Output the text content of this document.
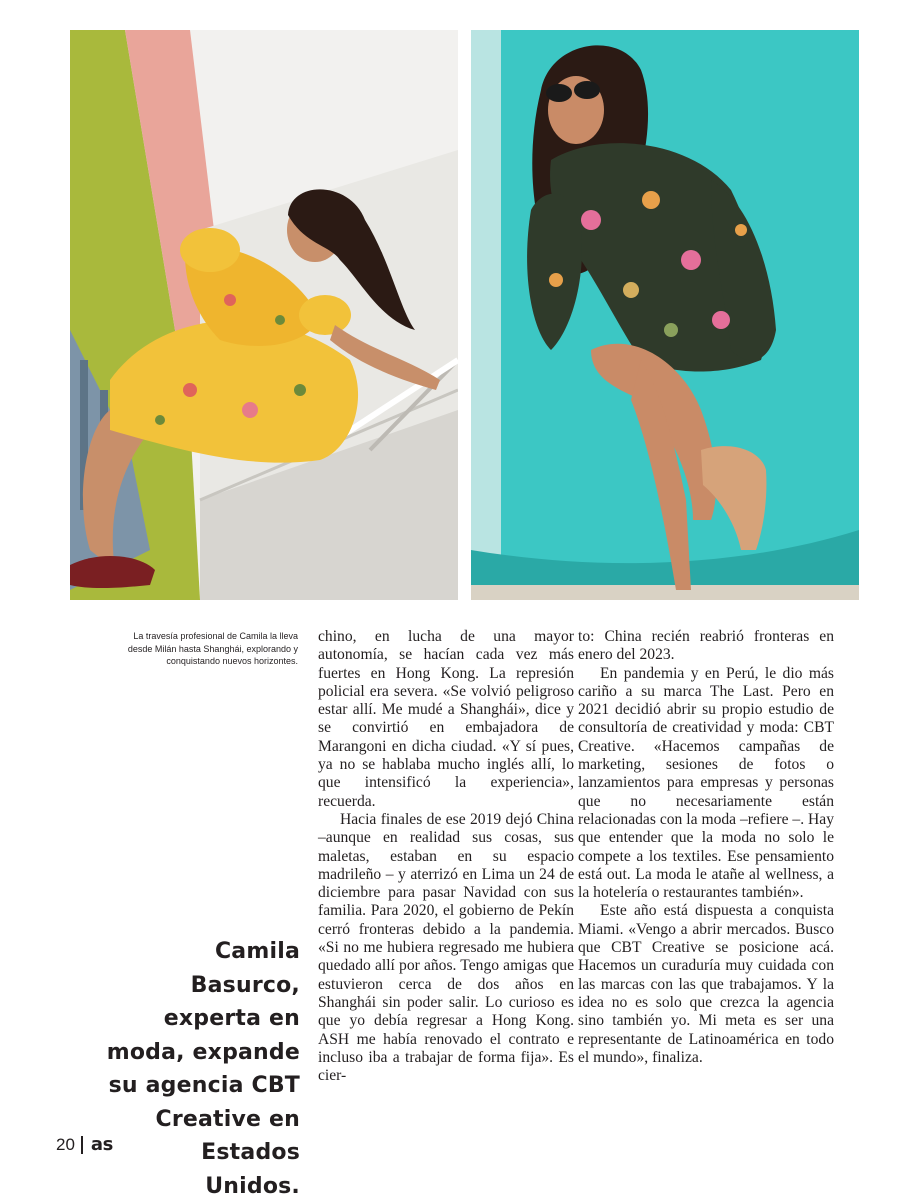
La travesía profesional de Camila la lleva desde Milán hasta Shanghái, explorando y conquistando nuevos horizontes.
Camila Basurco, experta en moda, expande su agencia CBT Creative en Estados Unidos.

chino, en lucha de una mayor autonomía, se hacían cada vez más fuertes en Hong Kong. La represión policial era severa. «Se volvió peligroso estar allí. Me mudé a Shanghái», dice y se convirtió en embajadora de Marangoni en dicha ciudad. «Y sí pues, ya no se hablaba mucho inglés allí, lo que intensificó la experiencia», recuerda.

Hacia finales de ese 2019 dejó China –aunque en realidad sus cosas, sus maletas, estaban en su espacio madrileño – y aterrizó en Lima un 24 de diciembre para pasar Navidad con sus familia. Para 2020, el gobierno de Pekín cerró fronteras debido a la pandemia. «Si no me hubiera regresado me hubiera quedado allí por años. Tengo amigas que estuvieron cerca de dos años en Shanghái sin poder salir. Lo curioso es que yo debía regresar a Hong Kong. ASH me había renovado el contrato e incluso iba a trabajar de forma fija». Es cier-

to: China recién reabrió fronteras en enero del 2023.

En pandemia y en Perú, le dio más cariño a su marca The Last. Pero en 2021 decidió abrir su propio estudio de consultoría de creatividad y moda: CBT Creative. «Hacemos campañas de marketing, sesiones de fotos o lanzamientos para empresas y personas que no necesariamente están relacionadas con la moda –refiere –. Hay que entender que la moda no solo le compete a los textiles. Ese pensamiento está out. La moda le atañe al wellness, a la hotelería o restaurantes también».

Este año está dispuesta a conquista Miami. «Vengo a abrir mercados. Busco que CBT Creative se posicione acá. Hacemos un curaduría muy cuidada con las marcas con las que trabajamos. Y la idea no es solo que crezca la agencia sino también yo. Mi meta es ser una representante de Latinoamérica en todo el mundo», finaliza.

20 as
